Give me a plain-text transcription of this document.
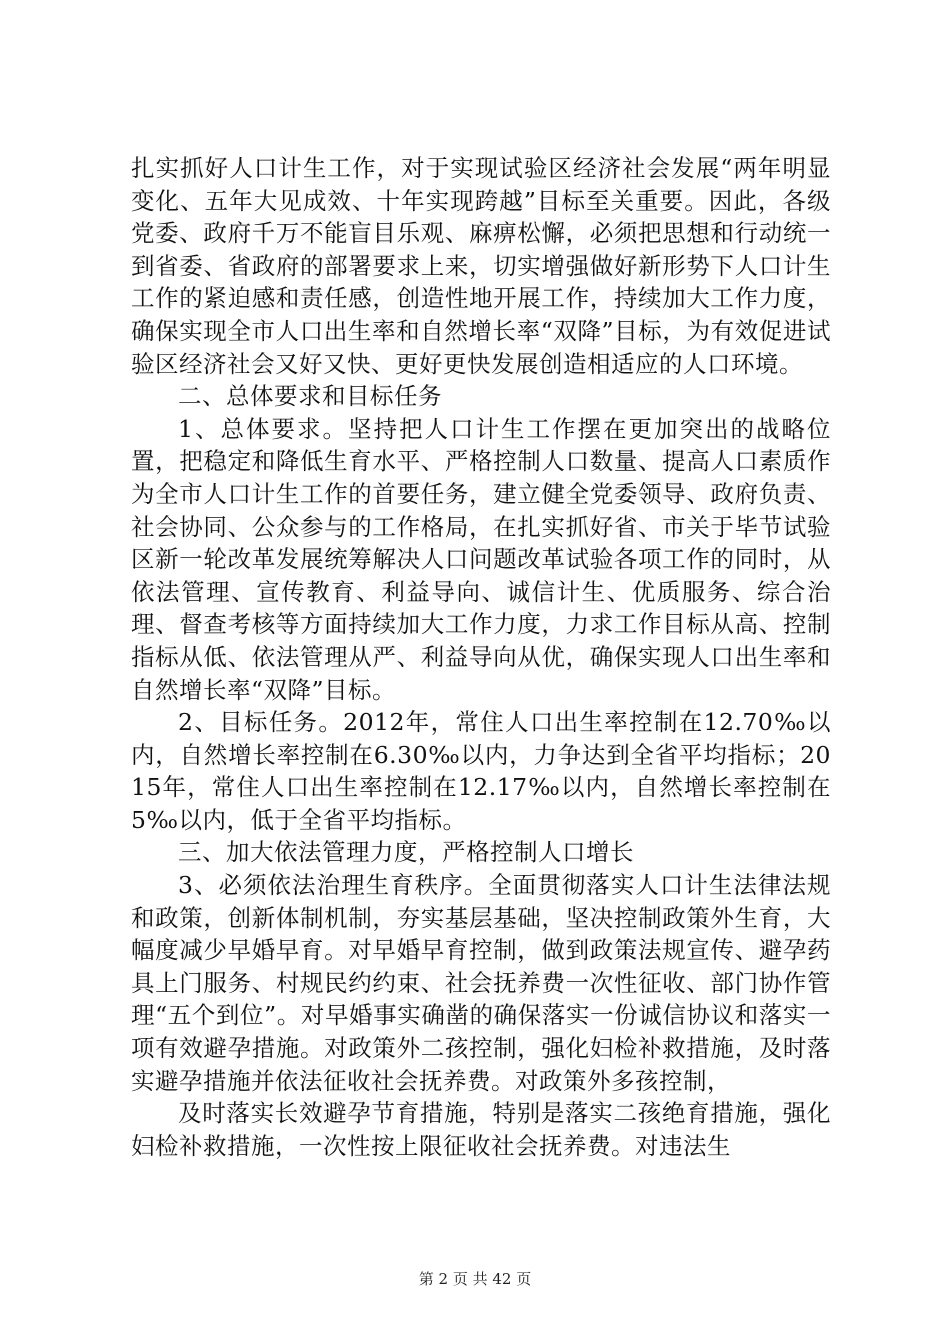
扎实抓好人口计生工作，对于实现试验区经济社会发展“两年明显变化、五年大见成效、十年实现跨越”目标至关重要。因此，各级党委、政府千万不能盲目乐观、麻痹松懈，必须把思想和行动统一到省委、省政府的部署要求上来，切实增强做好新形势下人口计生工作的紧迫感和责任感，创造性地开展工作，持续加大工作力度，确保实现全市人口出生率和自然增长率“双降”目标，为有效促进试验区经济社会又好又快、更好更快发展创造相适应的人口环境。

二、总体要求和目标任务

1、总体要求。坚持把人口计生工作摆在更加突出的战略位置，把稳定和降低生育水平、严格控制人口数量、提高人口素质作为全市人口计生工作的首要任务，建立健全党委领导、政府负责、社会协同、公众参与的工作格局，在扎实抓好省、市关于毕节试验区新一轮改革发展统筹解决人口问题改革试验各项工作的同时，从依法管理、宣传教育、利益导向、诚信计生、优质服务、综合治理、督查考核等方面持续加大工作力度，力求工作目标从高、控制指标从低、依法管理从严、利益导向从优，确保实现人口出生率和自然增长率“双降”目标。

2、目标任务。2012年，常住人口出生率控制在12.70‰以内，自然增长率控制在6.30‰以内，力争达到全省平均指标；2015年，常住人口出生率控制在12.17‰以内，自然增长率控制在5‰以内，低于全省平均指标。

三、加大依法管理力度，严格控制人口增长

3、必须依法治理生育秩序。全面贯彻落实人口计生法律法规和政策，创新体制机制，夯实基层基础，坚决控制政策外生育，大幅度减少早婚早育。对早婚早育控制，做到政策法规宣传、避孕药具上门服务、村规民约约束、社会抚养费一次性征收、部门协作管理“五个到位”。对早婚事实确凿的确保落实一份诚信协议和落实一项有效避孕措施。对政策外二孩控制，强化妇检补救措施，及时落实避孕措施并依法征收社会抚养费。对政策外多孩控制，

及时落实长效避孕节育措施，特别是落实二孩绝育措施，强化妇检补救措施，一次性按上限征收社会抚养费。对违法生

第 2 页 共 42 页
